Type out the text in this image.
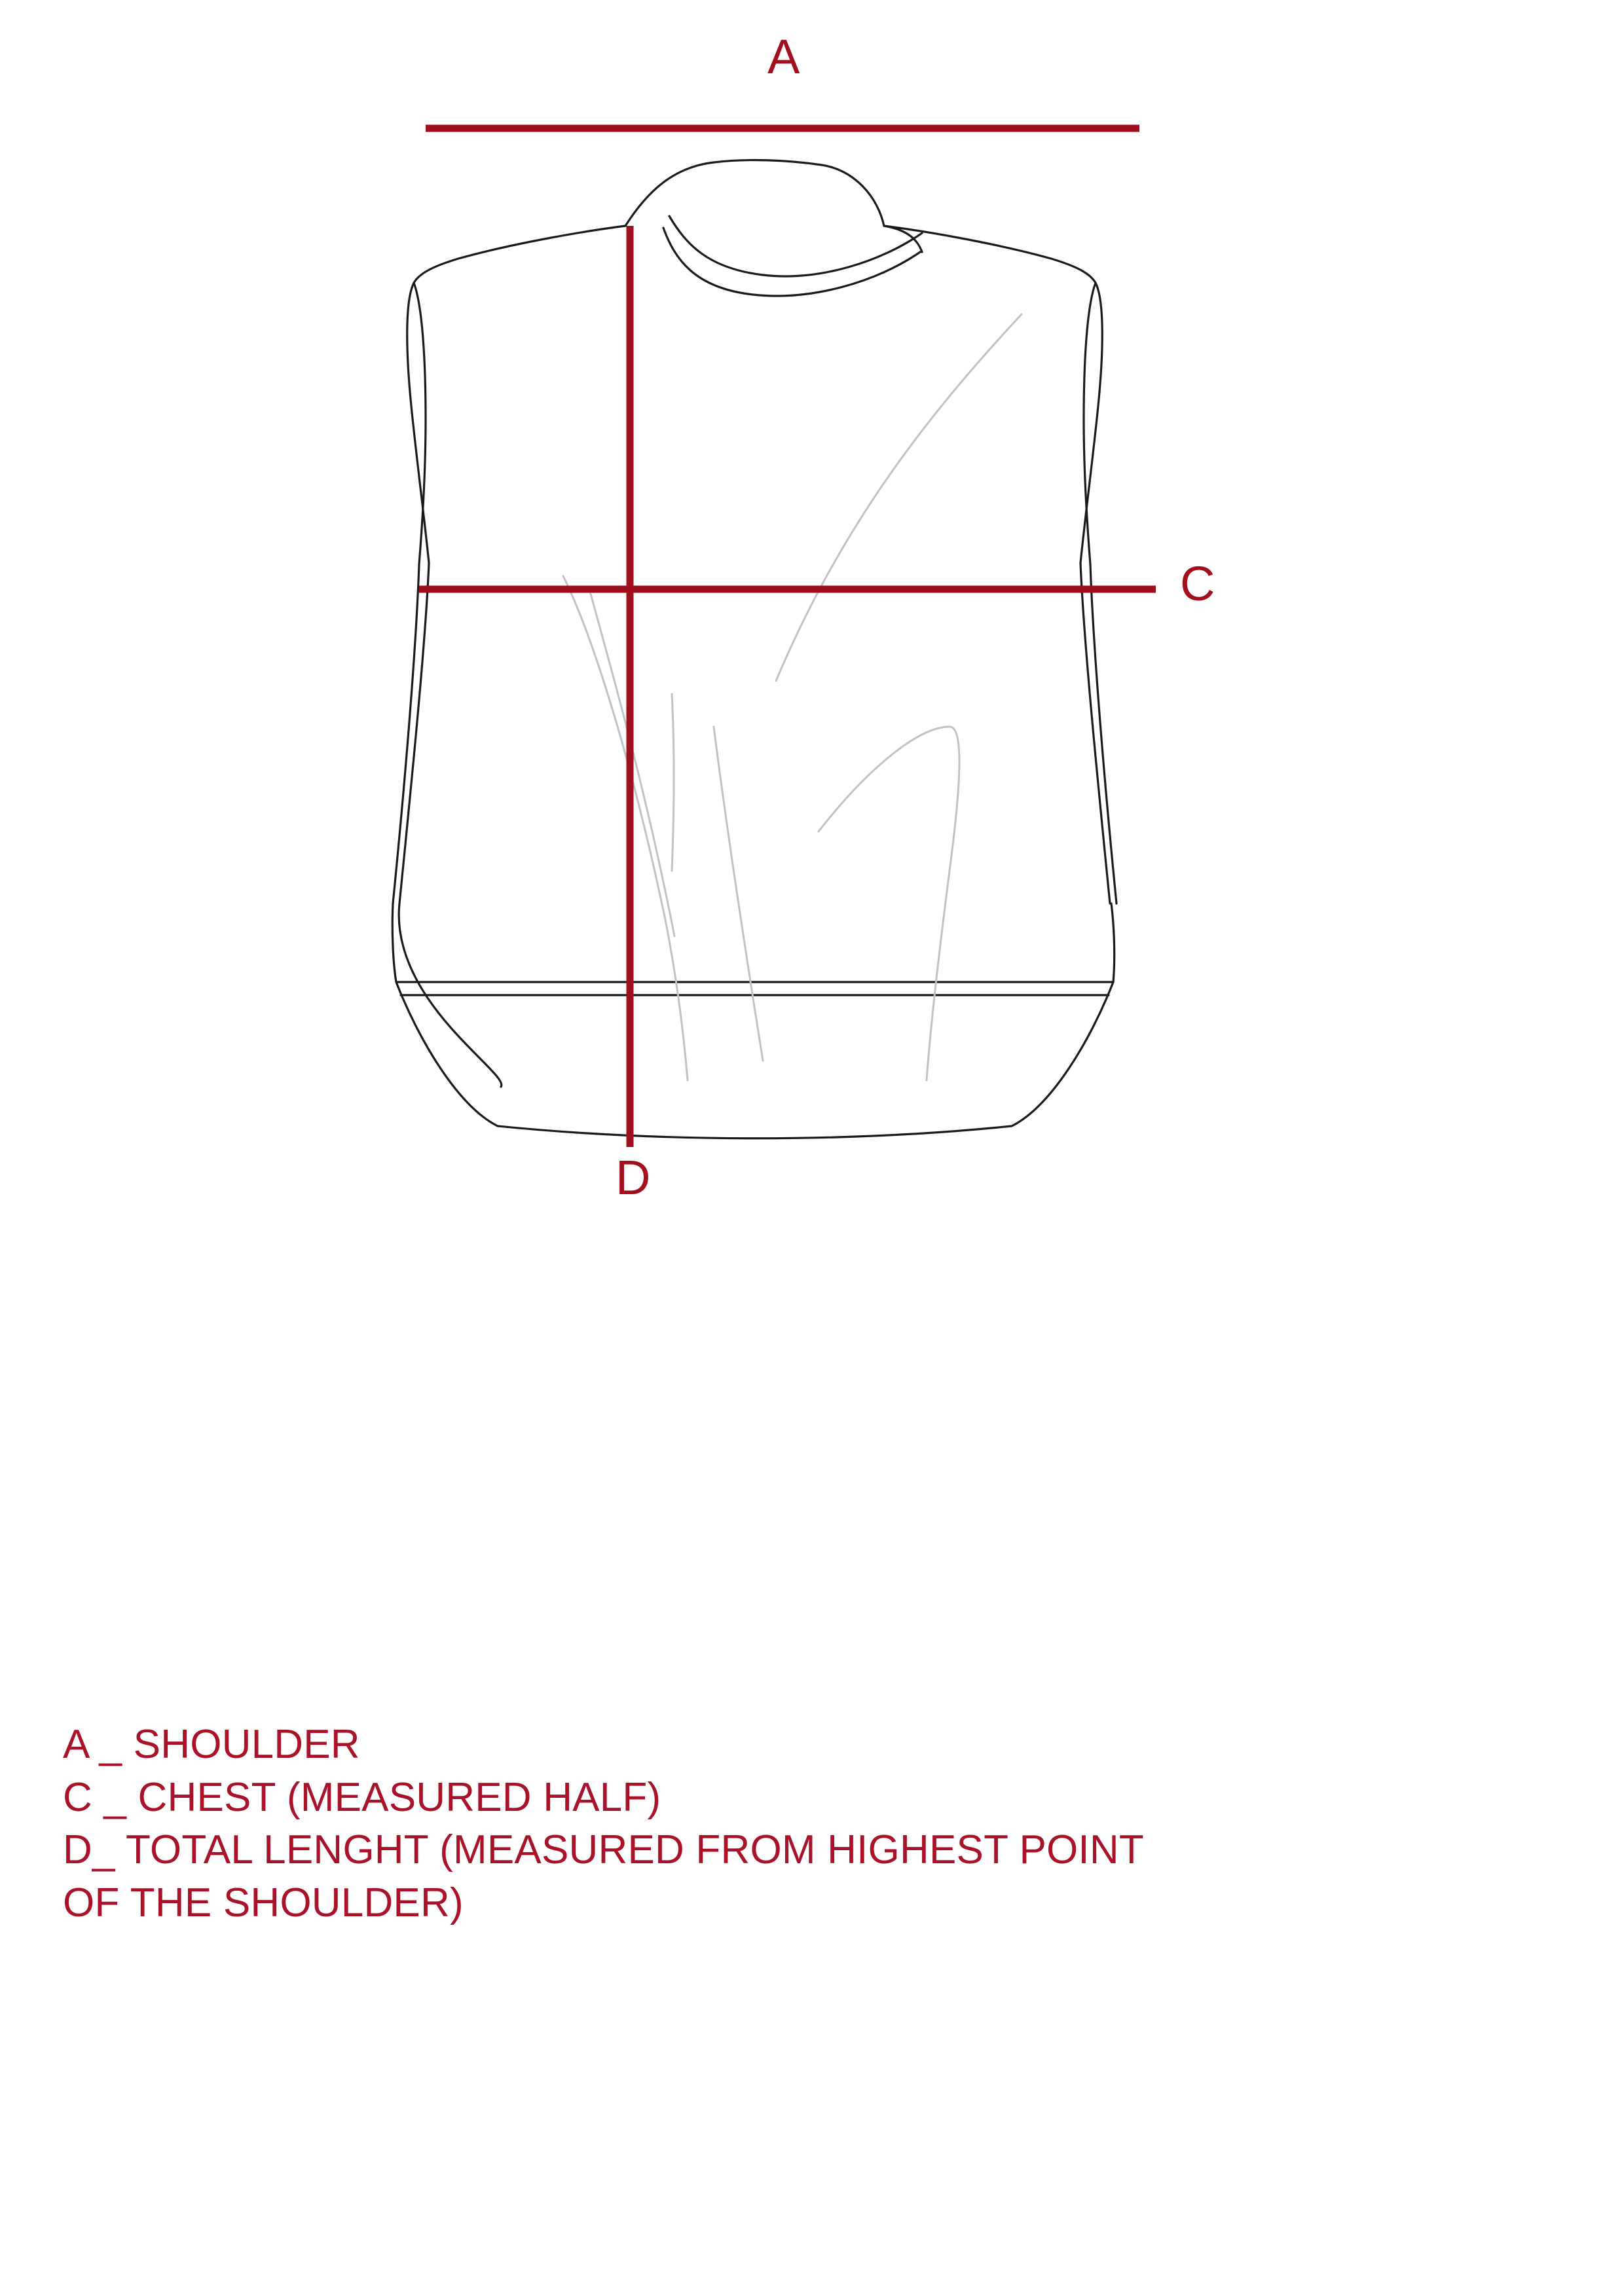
A
C
D
A _ SHOULDER
C _ CHEST (MEASURED HALF)
D_ TOTAL LENGHT (MEASURED FROM HIGHEST POINT
OF THE SHOULDER)
